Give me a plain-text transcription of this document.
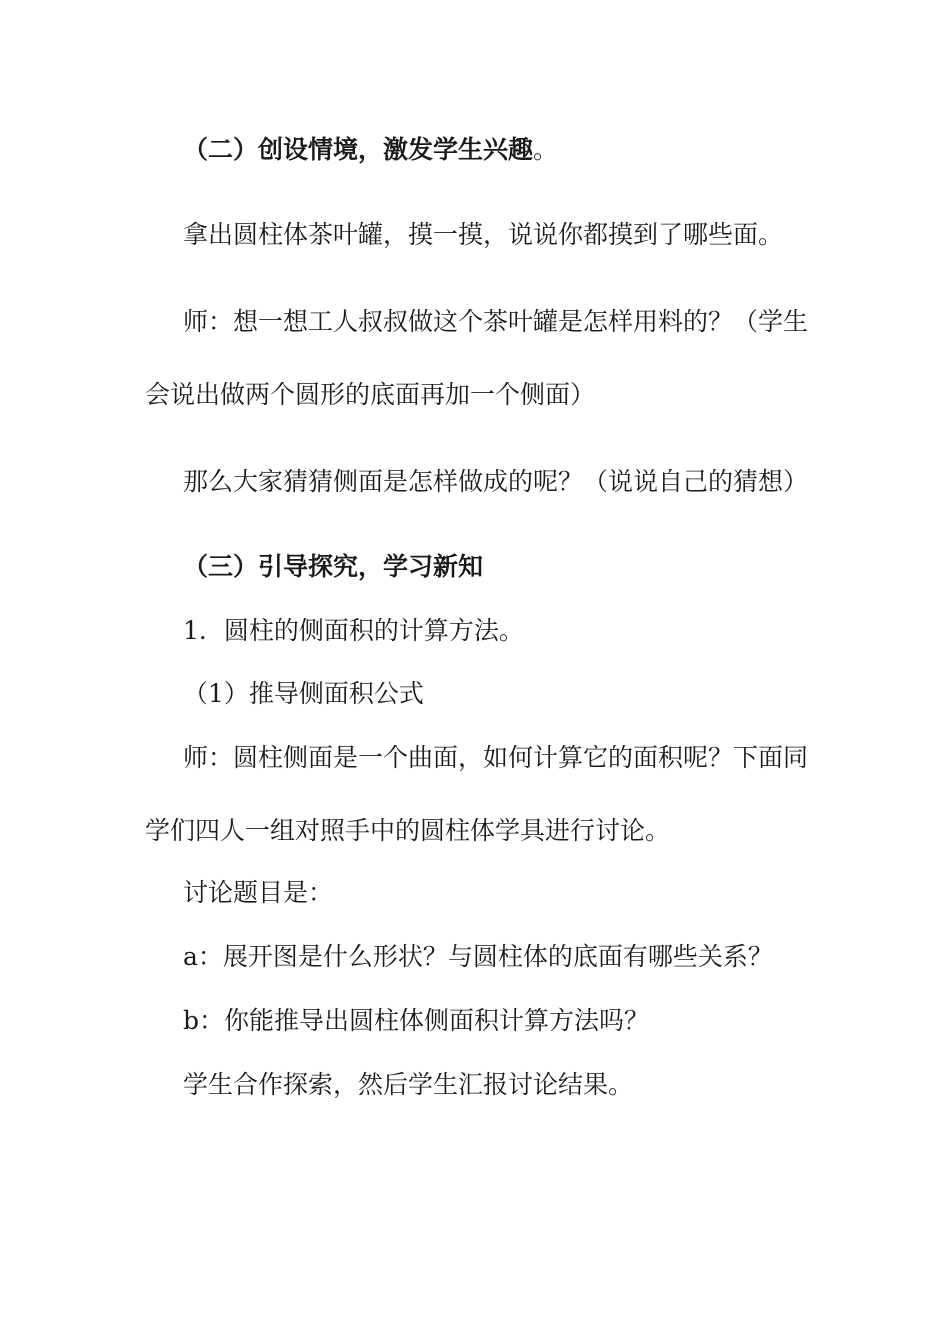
（二）创设情境，激发学生兴趣。
拿出圆柱体茶叶罐，摸一摸，说说你都摸到了哪些面。
师：想一想工人叔叔做这个茶叶罐是怎样用料的？（学生
会说出做两个圆形的底面再加一个侧面）
那么大家猜猜侧面是怎样做成的呢？（说说自己的猜想）
（三）引导探究，学习新知
1．圆柱的侧面积的计算方法。
（1）推导侧面积公式
师：圆柱侧面是一个曲面，如何计算它的面积呢？下面同
学们四人一组对照手中的圆柱体学具进行讨论。
讨论题目是：
a：展开图是什么形状？与圆柱体的底面有哪些关系？
b：你能推导出圆柱体侧面积计算方法吗？
学生合作探索，然后学生汇报讨论结果。
